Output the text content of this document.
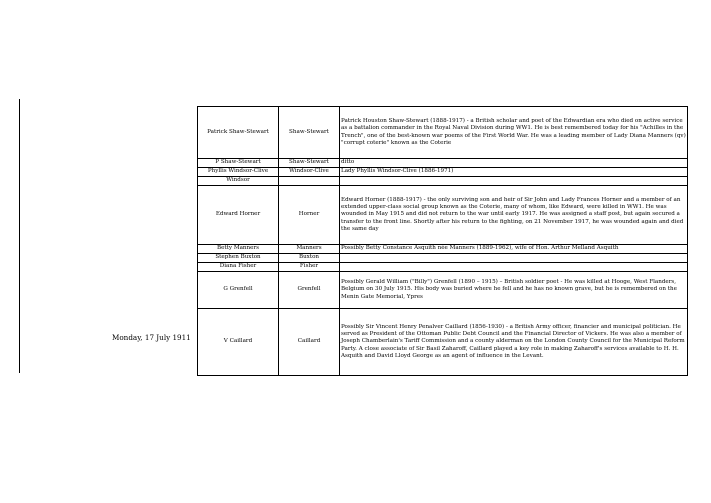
Monday, 17 July 1911
Patrick Shaw-Stewart	Shaw-Stewart	Patrick Houston Shaw-Stewart (1888-1917) - a British scholar and poet of the Edwardian era who died on active service as a battalion commander in the Royal Naval Division during WW1. He is best remembered today for his "Achilles in the Trench", one of the best-known war poems of the First World War. He was a leading member of Lady Diana Manners (qv) "corrupt coterie" known as the Coterie
P Shaw-Stewart	Shaw-Stewart	ditto
Phyllis Windsor-Clive	Windsor-Clive	Lady Phyllis Windsor-Clive (1886-1971)
Windsor		
Edward Horner	Horner	Edward Horner (1888-1917) - the only surviving son and heir of Sir John and Lady Frances Horner and a member of an extended upper-class social group known as the Coterie, many of whom, like Edward, were killed in WW1. He was wounded in May 1915 and did not return to the war until early 1917. He was assigned a staff post, but again secured a transfer to the front line. Shortly after his return to the fighting, on 21 November 1917, he was wounded again and died the same day
Betty Manners	Manners	Possibly Betty Constance Asquith née Manners (1889-1962), wife of Hon. Arthur Melland Asquith
Stephen Buxton	Buxton	
Diana Fisher	Fisher	
G Grenfell	Grenfell	Possibly Gerald William ("Billy") Grenfell (1890 – 1915) – British soldier poet - He was killed at Hooge, West Flanders, Belgium on 30 July 1915. His body was buried where he fell and he has no known grave, but he is remembered on the Menin Gate Memorial, Ypres
V Caillard	Caillard	Possibly Sir Vincent Henry Penalver Caillard (1856-1930) - a British Army officer, financier and municipal politician. He served as President of the Ottoman Public Debt Council and the Financial Director of Vickers. He was also a member of Joseph Chamberlain's Tariff Commission and a county alderman on the London County Council for the Municipal Reform Party. A close associate of Sir Basil Zaharoff, Caillard played a key role in making Zaharoff's services available to H. H. Asquith and David Lloyd George as an agent of influence in the Levant.
